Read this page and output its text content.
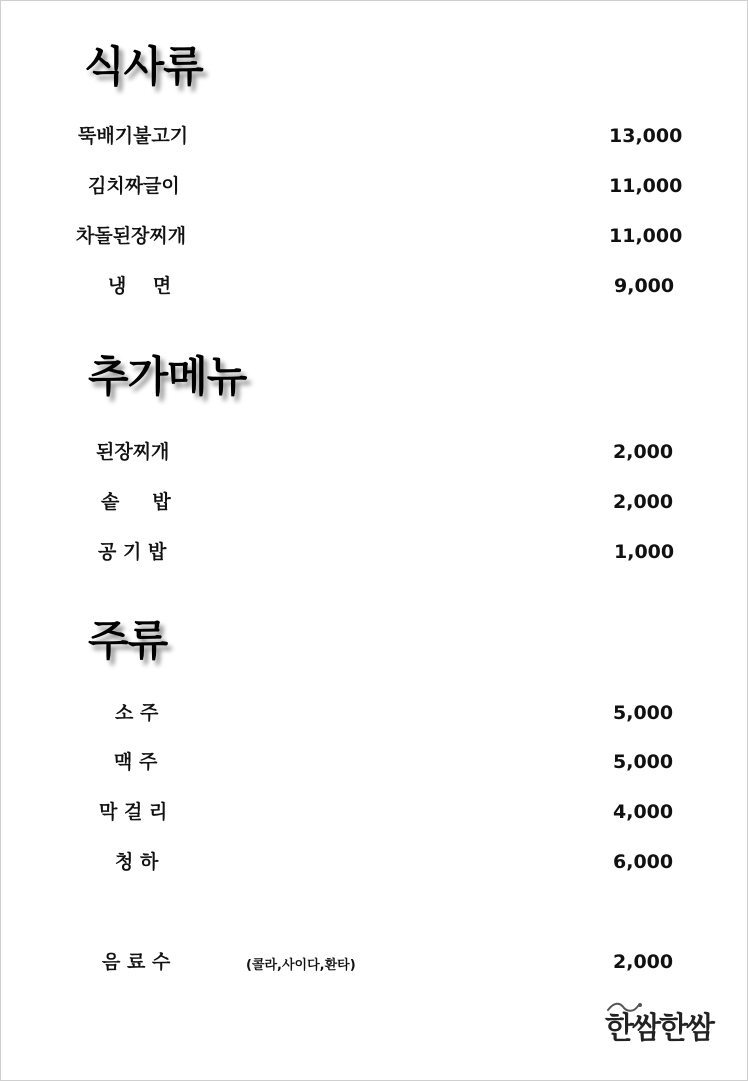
식사류
뚝배기불고기	13,000
김치짜글이	11,000
차돌된장찌개	11,000
냉    면	9,000
추가메뉴
된장찌개	2,000
솥     밥	2,000
공 기 밥	1,000
주류
소 주	5,000
맥 주	5,000
막 걸 리	4,000
청 하	6,000
음 료 수	(콜라,사이다,환타)	2,000
한쌈한쌈
